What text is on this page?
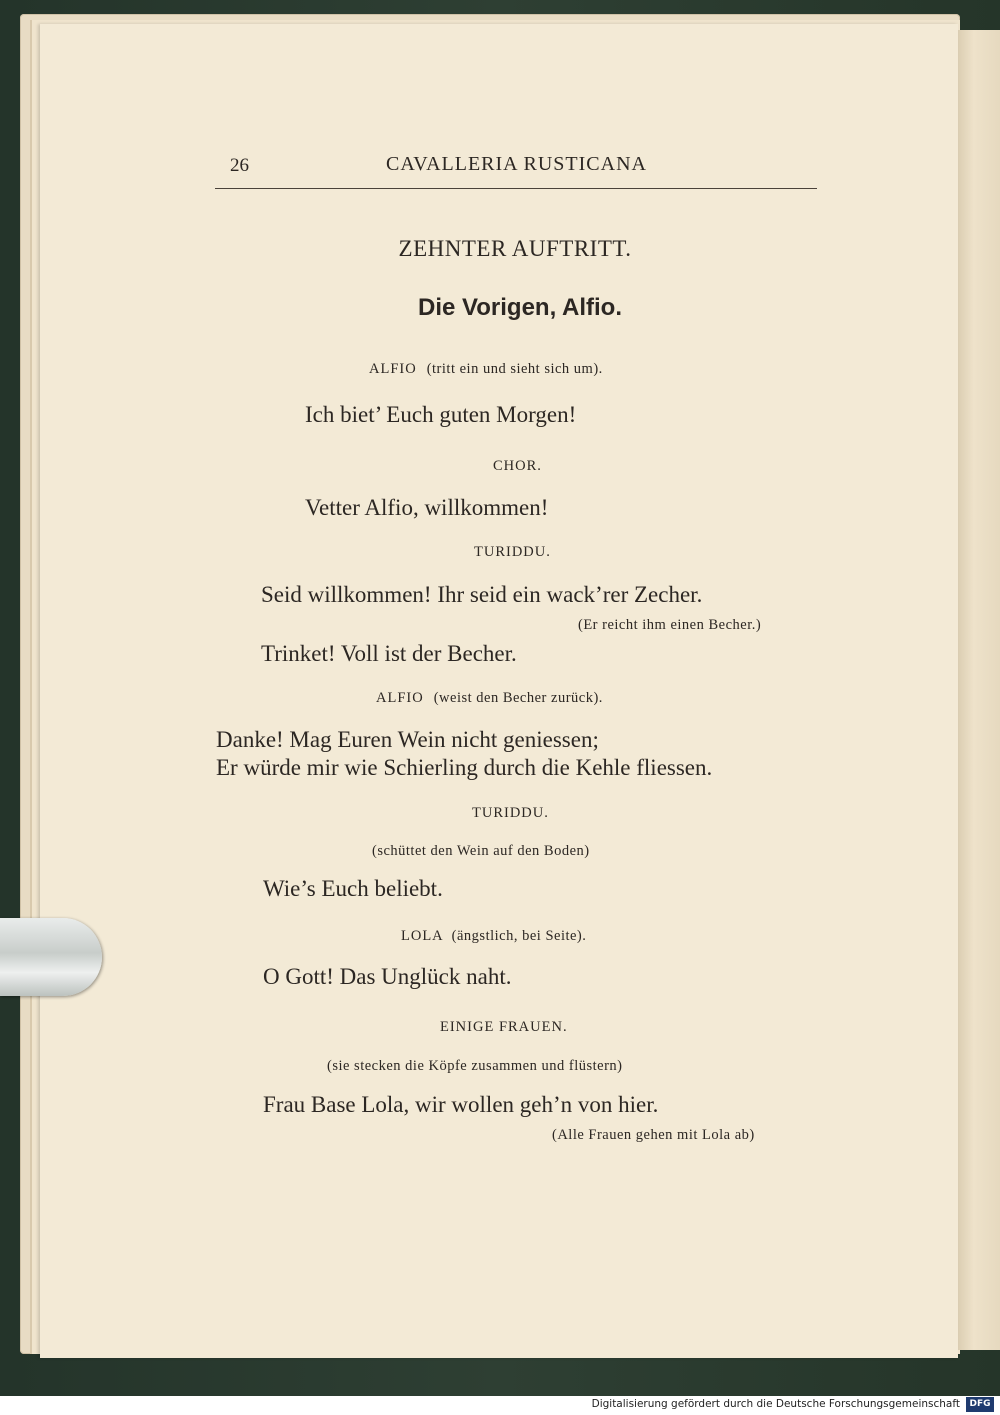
26	CAVALLERIA RUSTICANA
ZEHNTER AUFTRITT.
Die Vorigen, Alfio.
ALFIO (tritt ein und sieht sich um).
Ich biet’ Euch guten Morgen!
CHOR.
Vetter Alfio, willkommen!
TURIDDU.
Seid willkommen! Ihr seid ein wack’rer Zecher.
(Er reicht ihm einen Becher.)
Trinket! Voll ist der Becher.
ALFIO (weist den Becher zurück).
Danke! Mag Euren Wein nicht geniessen;
Er würde mir wie Schierling durch die Kehle fliessen.
TURIDDU.
(schüttet den Wein auf den Boden)
Wie’s Euch beliebt.
LOLA (ängstlich, bei Seite).
O Gott! Das Unglück naht.
EINIGE FRAUEN.
(sie stecken die Köpfe zusammen und flüstern)
Frau Base Lola, wir wollen geh’n von hier.
(Alle Frauen gehen mit Lola ab)
Digitalisierung gefördert durch die Deutsche Forschungsgemeinschaft	DFG
